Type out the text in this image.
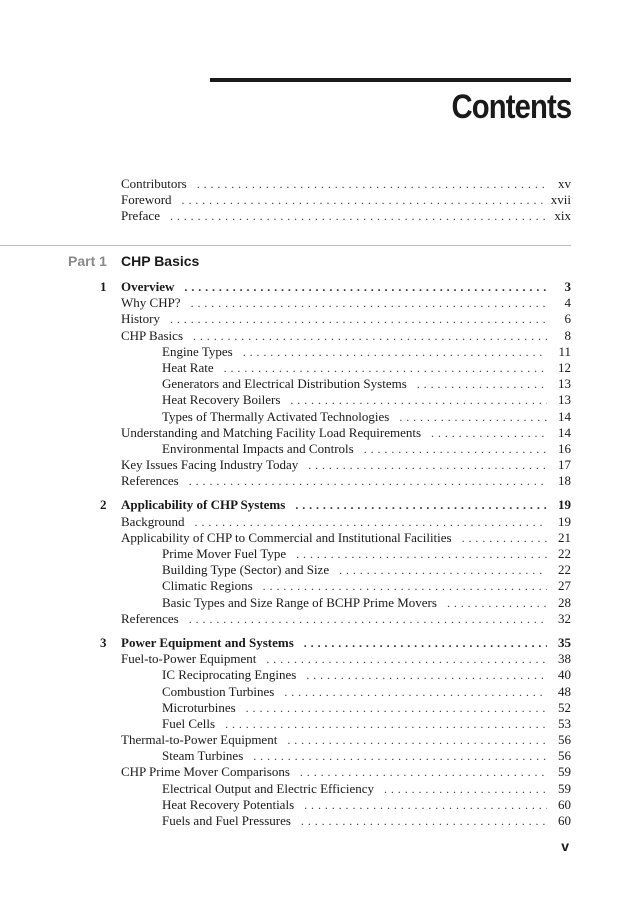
Contents
Contributors . . .	xv
Foreword . . .	xvii
Preface . . .	xix
Part 1 CHP Basics
1 Overview . . .	3
Why CHP? . . .	4
History . . .	6
CHP Basics . . .	8
Engine Types . . .	11
Heat Rate . . .	12
Generators and Electrical Distribution Systems . . .	13
Heat Recovery Boilers . . .	13
Types of Thermally Activated Technologies . . .	14
Understanding and Matching Facility Load Requirements . . .	14
Environmental Impacts and Controls . . .	16
Key Issues Facing Industry Today . . .	17
References . . .	18
2 Applicability of CHP Systems . . .	19
Background . . .	19
Applicability of CHP to Commercial and Institutional Facilities . . .	21
Prime Mover Fuel Type . . .	22
Building Type (Sector) and Size . . .	22
Climatic Regions . . .	27
Basic Types and Size Range of BCHP Prime Movers . . .	28
References . . .	32
3 Power Equipment and Systems . . .	35
Fuel-to-Power Equipment . . .	38
IC Reciprocating Engines . . .	40
Combustion Turbines . . .	48
Microturbines . . .	52
Fuel Cells . . .	53
Thermal-to-Power Equipment . . .	56
Steam Turbines . . .	56
CHP Prime Mover Comparisons . . .	59
Electrical Output and Electric Efficiency . . .	59
Heat Recovery Potentials . . .	60
Fuels and Fuel Pressures . . .	60
v
